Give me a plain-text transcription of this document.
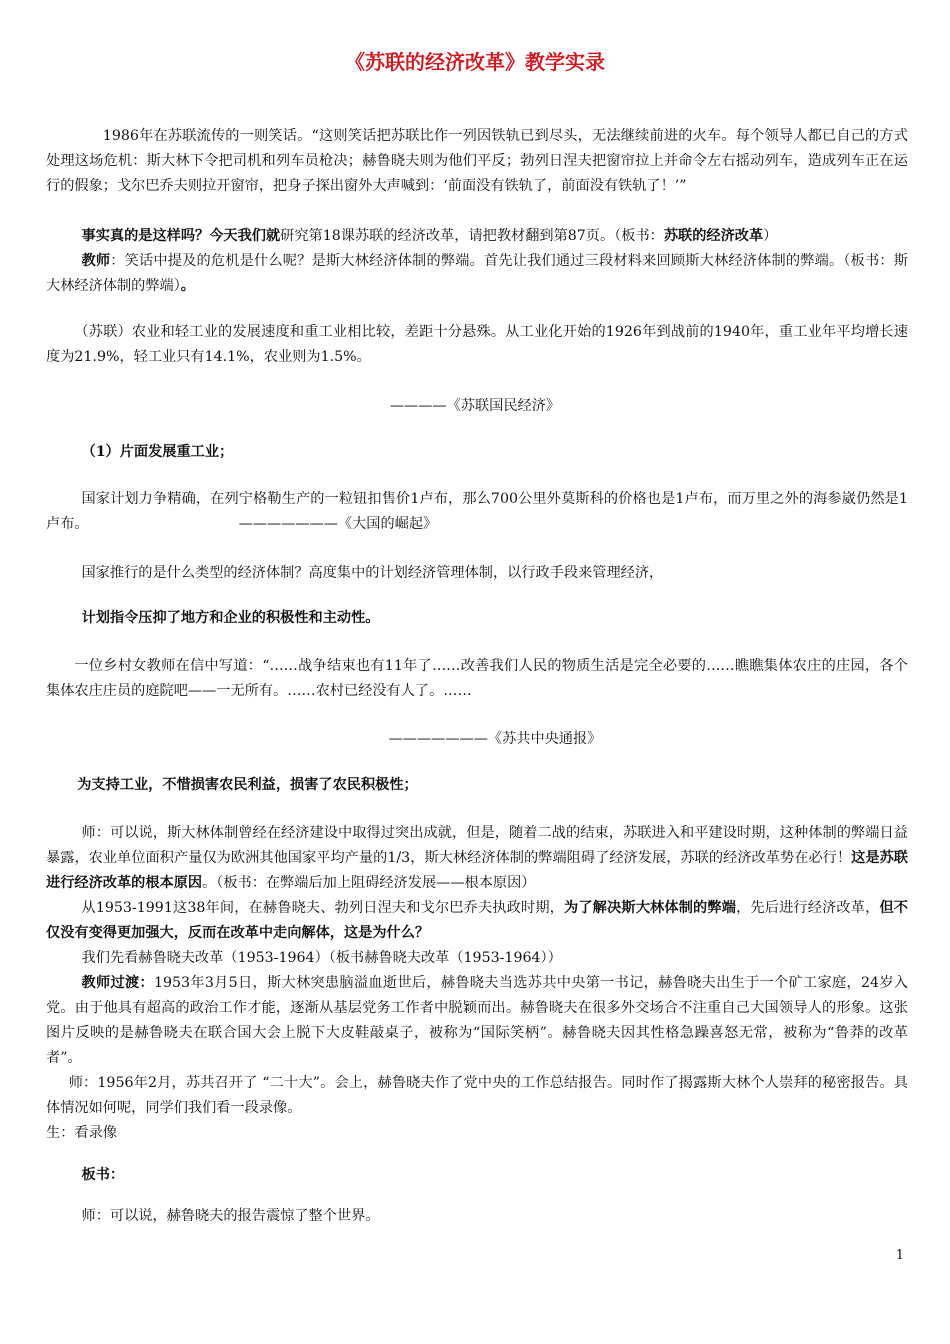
《苏联的经济改革》教学实录
1986年在苏联流传的一则笑话。“这则笑话把苏联比作一列因铁轨已到尽头，无法继续前进的火车。每个领导人都已自己的方式处理这场危机：斯大林下令把司机和列车员枪决；赫鲁晓夫则为他们平反；勃列日涅夫把窗帘拉上并命令左右摇动列车，造成列车正在运行的假象；戈尔巴乔夫则拉开窗帘，把身子探出窗外大声喊到：‘前面没有铁轨了，前面没有铁轨了！’”
事实真的是这样吗？今天我们就研究第18课苏联的经济改革，请把教材翻到第87页。（板书：苏联的经济改革）
教师：笑话中提及的危机是什么呢？是斯大林经济体制的弊端。首先让我们通过三段材料来回顾斯大林经济体制的弊端。（板书：斯大林经济体制的弊端）。
（苏联）农业和轻工业的发展速度和重工业相比较，差距十分悬殊。从工业化开始的1926年到战前的1940年，重工业年平均增长速度为21.9%，轻工业只有14.1%，农业则为1.5%。
————《苏联国民经济》
（1）片面发展重工业；
国家计划力争精确，在列宁格勒生产的一粒钮扣售价1卢布，那么700公里外莫斯科的价格也是1卢布，而万里之外的海参崴仍然是1卢布。	———————《大国的崛起》
国家推行的是什么类型的经济体制？高度集中的计划经济管理体制，以行政手段来管理经济，
计划指令压抑了地方和企业的积极性和主动性。
一位乡村女教师在信中写道：“……战争结束也有11年了……改善我们人民的物质生活是完全必要的……瞧瞧集体农庄的庄园，各个集体农庄庄员的庭院吧——一无所有。……农村已经没有人了。……
———————《苏共中央通报》
为支持工业，不惜损害农民利益，损害了农民积极性；
师：可以说，斯大林体制曾经在经济建设中取得过突出成就，但是，随着二战的结束，苏联进入和平建设时期，这种体制的弊端日益暴露，农业单位面积产量仅为欧洲其他国家平均产量的1/3，斯大林经济体制的弊端阻碍了经济发展，苏联的经济改革势在必行！这是苏联进行经济改革的根本原因。（板书：在弊端后加上阻碍经济发展——根本原因）
从1953-1991这38年间，在赫鲁晓夫、勃列日涅夫和戈尔巴乔夫执政时期，为了解决斯大林体制的弊端，先后进行经济改革，但不仅没有变得更加强大，反而在改革中走向解体，这是为什么？
我们先看赫鲁晓夫改革（1953-1964）（板书赫鲁晓夫改革（1953-1964））
教师过渡：1953年3月5日，斯大林突患脑溢血逝世后，赫鲁晓夫当选苏共中央第一书记，赫鲁晓夫出生于一个矿工家庭，24岁入党。由于他具有超高的政治工作才能，逐渐从基层党务工作者中脱颖而出。赫鲁晓夫在很多外交场合不注重自己大国领导人的形象。这张图片反映的是赫鲁晓夫在联合国大会上脱下大皮鞋敲桌子，被称为“国际笑柄”。赫鲁晓夫因其性格急躁喜怒无常，被称为“鲁莽的改革者”。
师：1956年2月，苏共召开了 “二十大”。会上，赫鲁晓夫作了党中央的工作总结报告。同时作了揭露斯大林个人崇拜的秘密报告。具体情况如何呢，同学们我们看一段录像。
生：看录像
板书：
师：可以说，赫鲁晓夫的报告震惊了整个世界。
1
